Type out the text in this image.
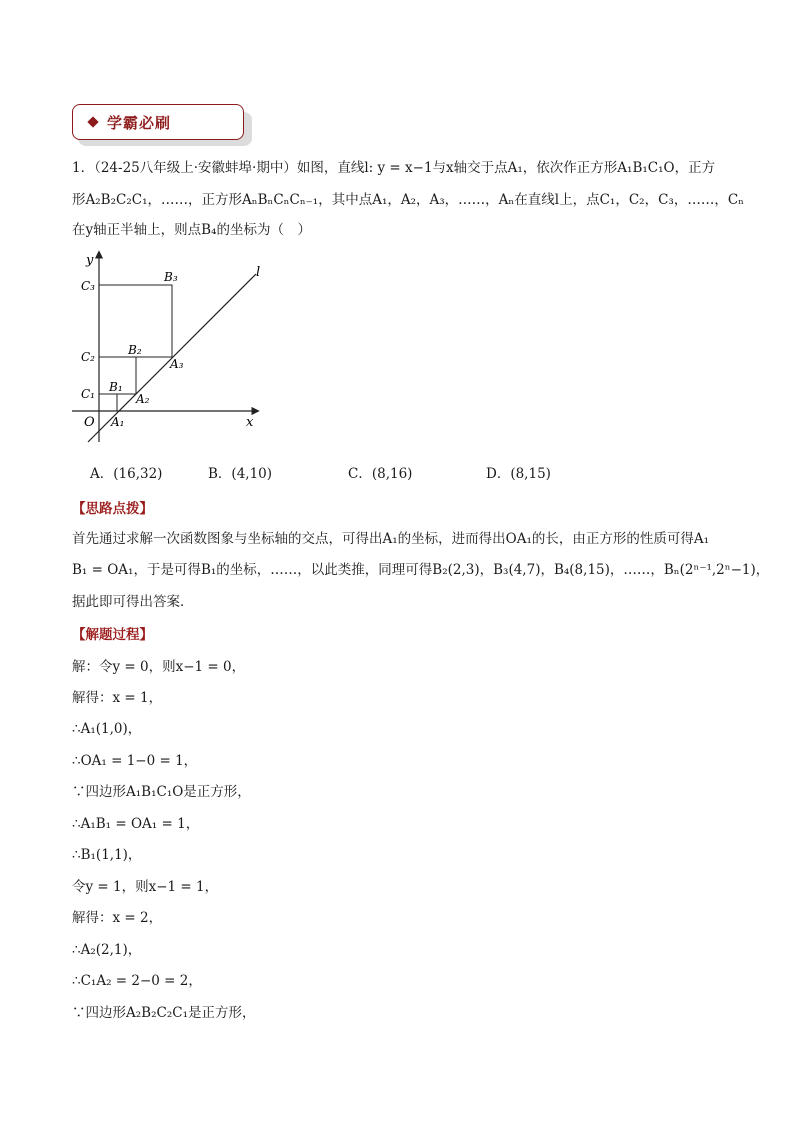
学霸必刷
1．（24-25八年级上·安徽蚌埠·期中）如图，直线l: y = x−1与x轴交于点A₁，依次作正方形A₁B₁C₁O，正方
形A₂B₂C₂C₁，……，正方形AₙBₙCₙCₙ₋₁，其中点A₁，A₂，A₃，……，Aₙ在直线l上，点C₁，C₂，C₃，……，Cₙ
在y轴正半轴上，则点B₄的坐标为（　）
y
x
O
l
C₃
C₂
C₁
B₃
B₂
B₁
A₃
A₂
A₁
A．(16,32)	B．(4,10)	C．(8,16)	D．(8,15)
【思路点拨】
首先通过求解一次函数图象与坐标轴的交点，可得出A₁的坐标，进而得出OA₁的长，由正方形的性质可得A₁
B₁ = OA₁，于是可得B₁的坐标，……，以此类推，同理可得B₂(2,3)，B₃(4,7)，B₄(8,15)，……，Bₙ(2ⁿ⁻¹,2ⁿ−1)，
据此即可得出答案．
【解题过程】
解：令y = 0，则x−1 = 0，
解得：x = 1，
∴A₁(1,0)，
∴OA₁ = 1−0 = 1，
∵四边形A₁B₁C₁O是正方形，
∴A₁B₁ = OA₁ = 1，
∴B₁(1,1)，
令y = 1，则x−1 = 1，
解得：x = 2，
∴A₂(2,1)，
∴C₁A₂ = 2−0 = 2，
∵四边形A₂B₂C₂C₁是正方形，
